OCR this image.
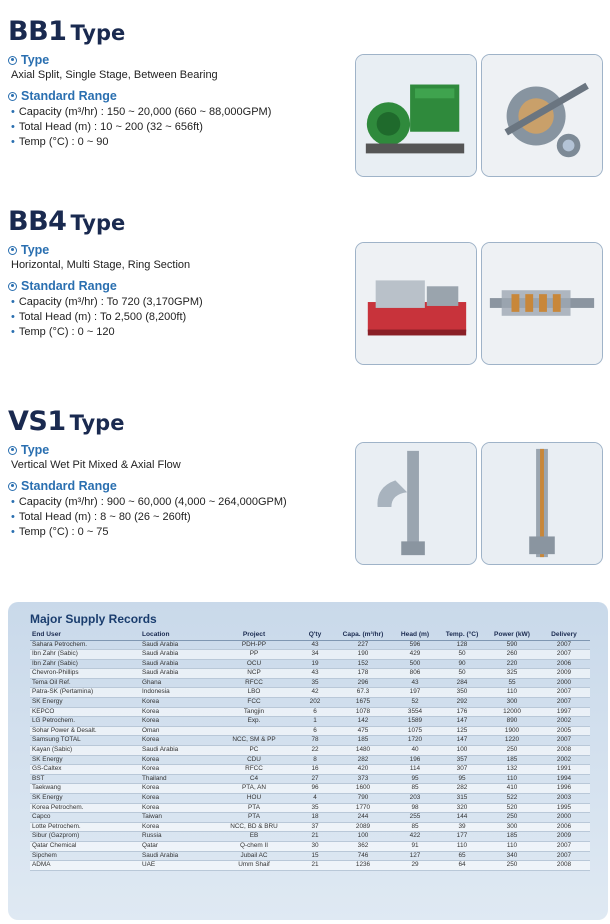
BB1 Type
Type
Axial Split, Single Stage, Between Bearing
Standard Range
• Capacity (m³/hr) : 150 ~ 20,000 (660 ~ 88,000GPM)
• Total Head (m) : 10 ~ 200 (32 ~ 656ft)
• Temp (°C) : 0 ~ 90
BB4 Type
Type
Horizontal, Multi Stage, Ring Section
Standard Range
• Capacity (m³/hr) : To 720 (3,170GPM)
• Total Head (m) : To 2,500 (8,200ft)
• Temp (°C) : 0 ~ 120
VS1 Type
Type
Vertical Wet Pit Mixed & Axial Flow
Standard Range
• Capacity (m³/hr) : 900 ~ 60,000 (4,000 ~ 264,000GPM)
• Total Head (m) : 8 ~ 80 (26 ~ 260ft)
• Temp (°C) : 0 ~ 75
Major Supply Records
End User	Location	Project	Q'ty	Capa. (m³/hr)	Head (m)	Temp. (°C)	Power (kW)	Delivery
Sahara Petrochem.	Saudi Arabia	PDH-PP	43	227	596	128	590	2007
Ibn Zahr (Sabic)	Saudi Arabia	PP	34	190	429	50	260	2007
Ibn Zahr (Sabic)	Saudi Arabia	OCU	19	152	500	90	220	2006
Chevron-Phillips	Saudi Arabia	NCP	43	178	806	50	325	2009
Tema Oil Ref.	Ghana	RFCC	35	296	43	284	55	2000
Patra-SK (Pertamina)	Indonesia	LBO	42	67.3	197	350	110	2007
SK Energy	Korea	FCC	202	1675	52	292	300	2007
KEPCO	Korea	Tangjin	6	1078	3554	176	12000	1997
LG Petrochem.	Korea	Exp.	1	142	1589	147	890	2002
Sohar Power & Desalt.	Oman		6	475	1075	125	1900	2005
Samsung TOTAL	Korea	NCC, SM & PP	78	185	1720	147	1220	2007
Kayan (Sabic)	Saudi Arabia	PC	22	1480	40	100	250	2008
SK Energy	Korea	CDU	8	282	196	357	185	2002
GS-Caltex	Korea	RFCC	16	420	114	307	132	1991
BST	Thailand	C4	27	373	95	95	110	1994
Taekwang	Korea	PTA, AN	96	1600	85	282	410	1996
SK Energy	Korea	HOU	4	790	203	315	522	2003
Korea Petrochem.	Korea	PTA	35	1770	98	320	520	1995
Capco	Taiwan	PTA	18	244	255	144	250	2000
Lotte Petrochem.	Korea	NCC, BD & BRU	37	2089	85	39	300	2006
Sibur (Gazprom)	Russia	EB	21	100	422	177	185	2009
Qatar Chemical	Qatar	Q-chem II	30	362	91	110	110	2007
Sipchem	Saudi Arabia	Jubail AC	15	746	127	65	340	2007
ADMA	UAE	Umm Shaif	21	1236	29	64	250	2008
